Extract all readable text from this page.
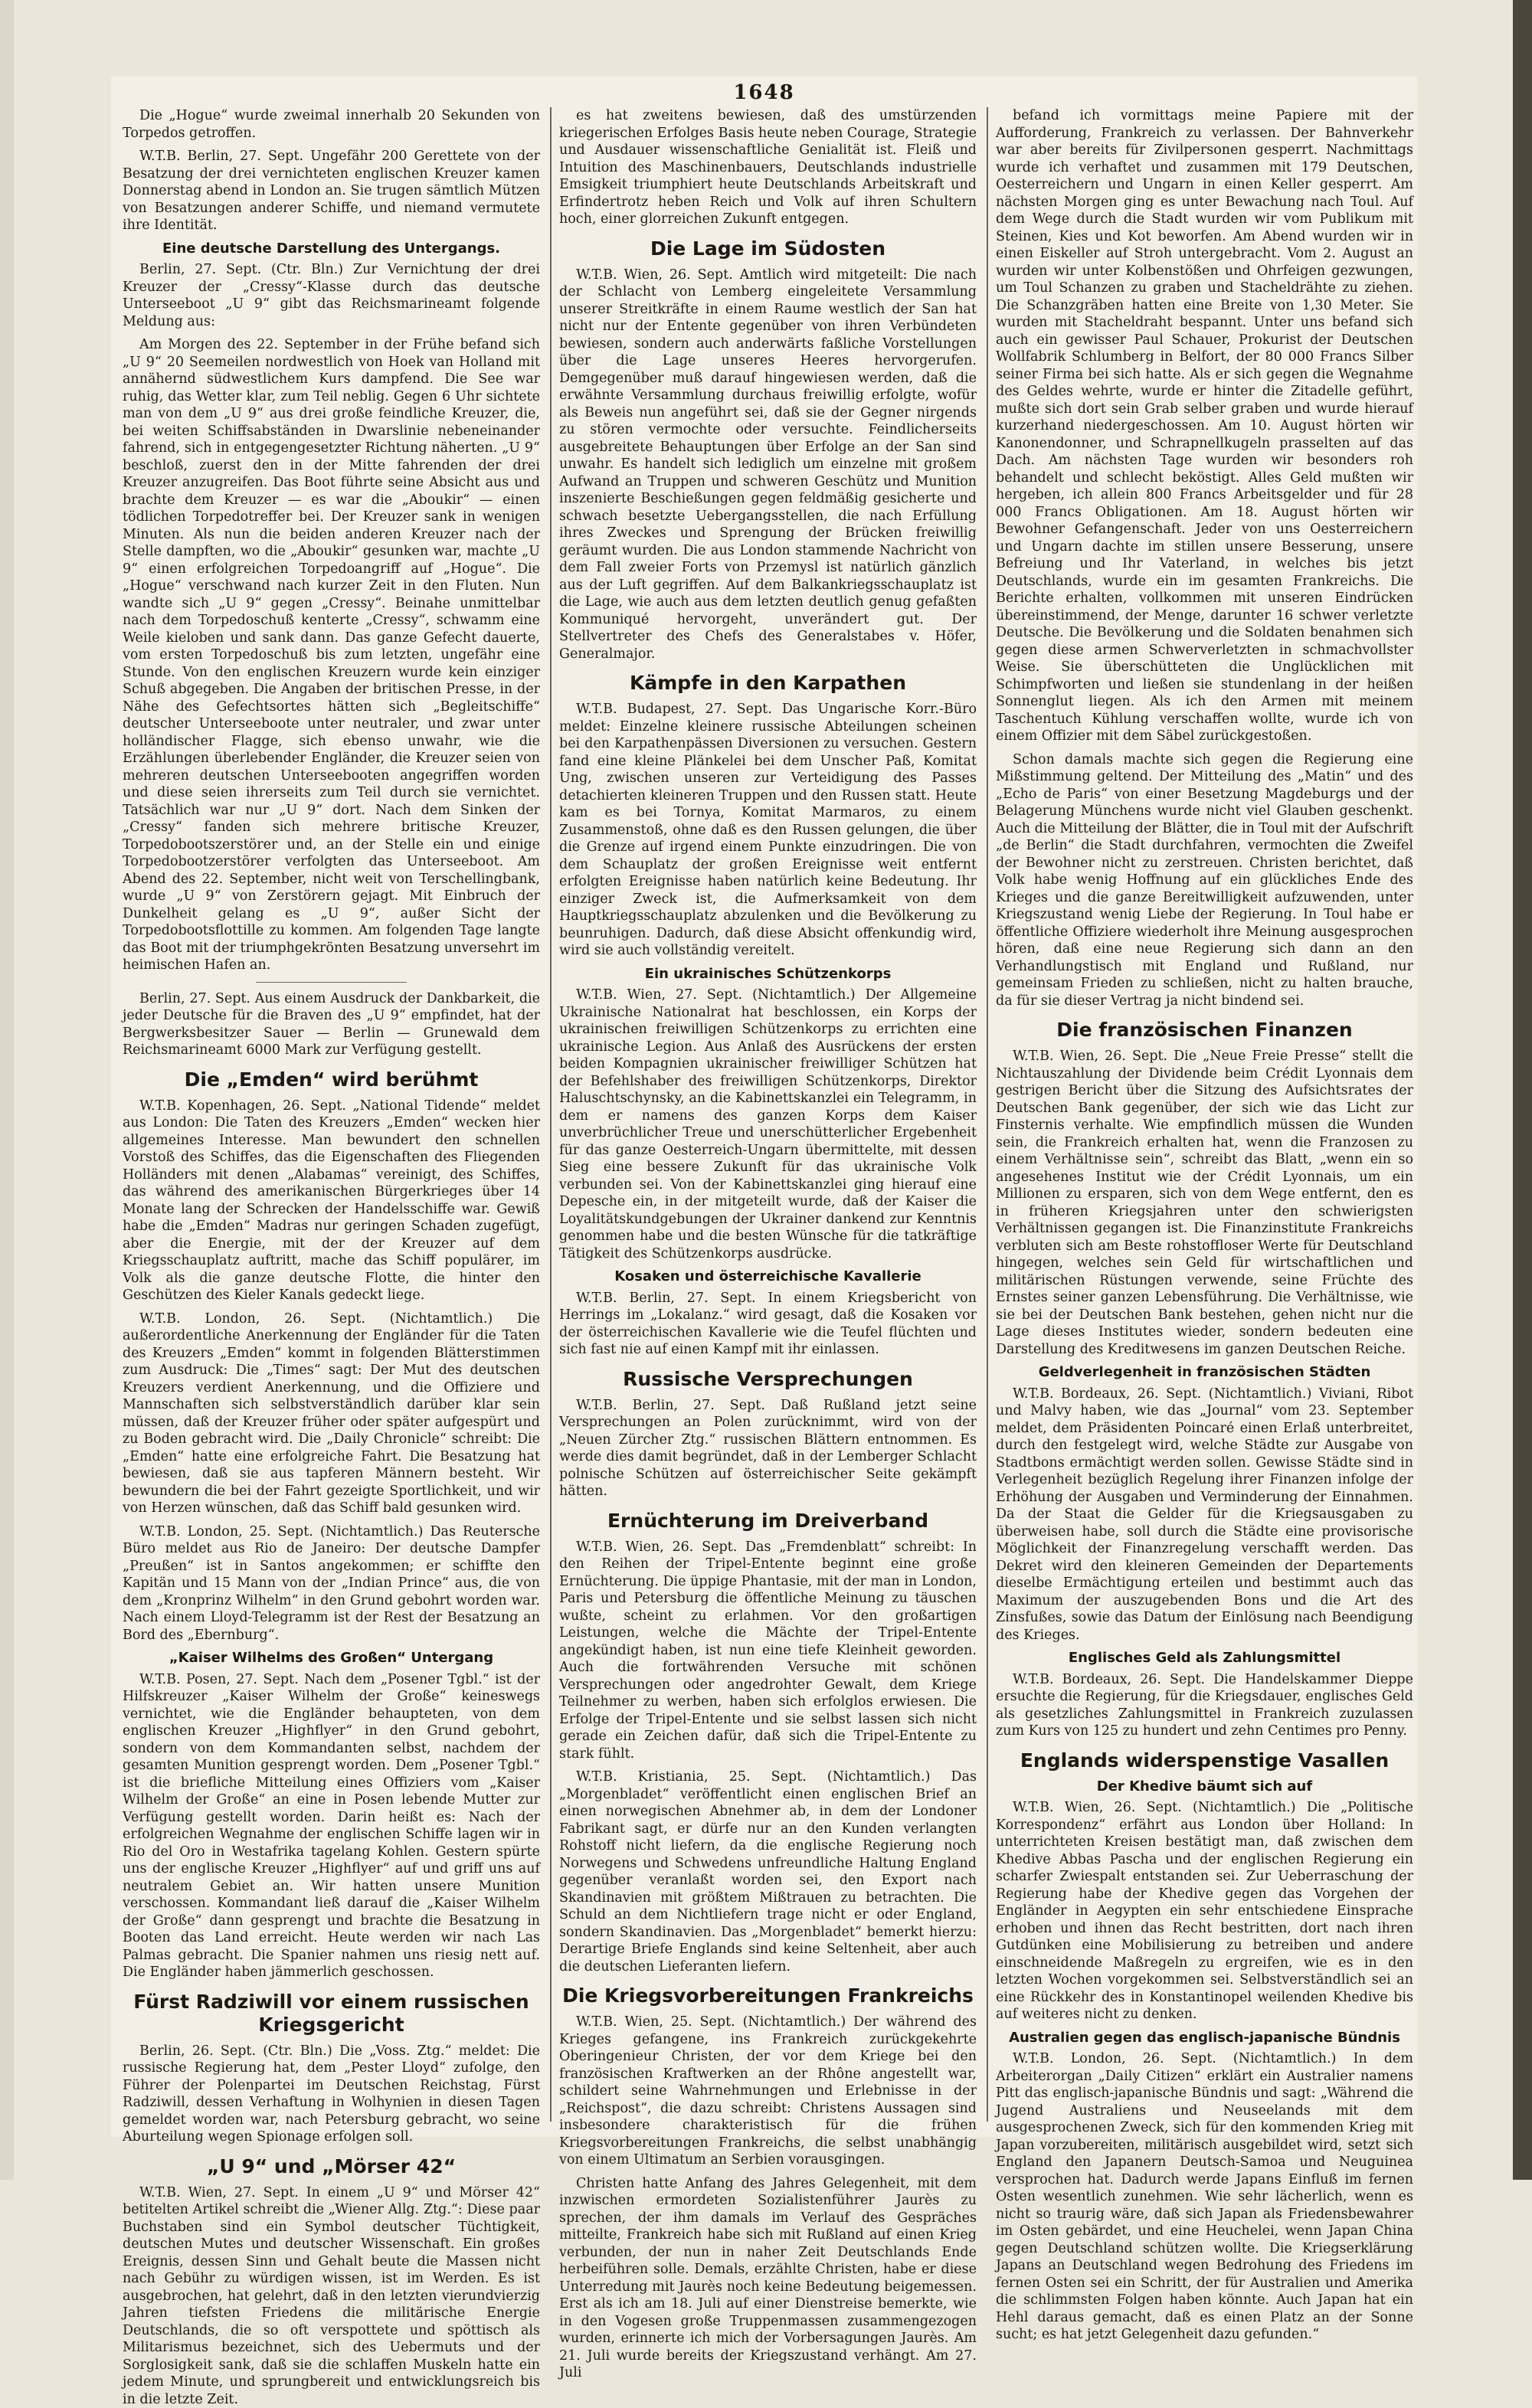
1648

Die „Hogue“ wurde zweimal innerhalb 20 Sekunden von Torpedos getroffen.

W.T.B. Berlin, 27. Sept. Ungefähr 200 Gerettete von der Besatzung der drei vernichteten englischen Kreuzer kamen Donnerstag abend in London an. Sie trugen sämtlich Mützen von Besatzungen anderer Schiffe, und niemand vermutete ihre Identität.

Eine deutsche Darstellung des Untergangs.

Berlin, 27. Sept. (Ctr. Bln.) Zur Vernichtung der drei Kreuzer der „Cressy“-Klasse durch das deutsche Unterseeboot „U 9“ gibt das Reichsmarineamt folgende Meldung aus:

Am Morgen des 22. September in der Frühe befand sich „U 9“ 20 Seemeilen nordwestlich von Hoek van Holland mit annähernd südwestlichem Kurs dampfend. Die See war ruhig, das Wetter klar, zum Teil neblig. Gegen 6 Uhr sichtete man von dem „U 9“ aus drei große feindliche Kreuzer, die, bei weiten Schiffsabständen in Dwarslinie nebeneinander fahrend, sich in entgegengesetzter Richtung näherten. „U 9“ beschloß, zuerst den in der Mitte fahrenden der drei Kreuzer anzugreifen. Das Boot führte seine Absicht aus und brachte dem Kreuzer — es war die „Aboukir“ — einen tödlichen Torpedotreffer bei. Der Kreuzer sank in wenigen Minuten. Als nun die beiden anderen Kreuzer nach der Stelle dampften, wo die „Aboukir“ gesunken war, machte „U 9“ einen erfolgreichen Torpedoangriff auf „Hogue“. Die „Hogue“ verschwand nach kurzer Zeit in den Fluten. Nun wandte sich „U 9“ gegen „Cressy“. Beinahe unmittelbar nach dem Torpedoschuß kenterte „Cressy“, schwamm eine Weile kieloben und sank dann. Das ganze Gefecht dauerte, vom ersten Torpedoschuß bis zum letzten, ungefähr eine Stunde. Von den englischen Kreuzern wurde kein einziger Schuß abgegeben. Die Angaben der britischen Presse, in der Nähe des Gefechtsortes hätten sich „Begleitschiffe“ deutscher Unterseeboote unter neutraler, und zwar unter holländischer Flagge, sich ebenso unwahr, wie die Erzählungen überlebender Engländer, die Kreuzer seien von mehreren deutschen Unterseebooten angegriffen worden und diese seien ihrerseits zum Teil durch sie vernichtet. Tatsächlich war nur „U 9“ dort. Nach dem Sinken der „Cressy“ fanden sich mehrere britische Kreuzer, Torpedobootszerstörer und, an der Stelle ein und einige Torpedobootzerstörer verfolgten das Unterseeboot. Am Abend des 22. September, nicht weit von Terschellingbank, wurde „U 9“ von Zerstörern gejagt. Mit Einbruch der Dunkelheit gelang es „U 9“, außer Sicht der Torpedobootsflottille zu kommen. Am folgenden Tage langte das Boot mit der triumphgekrönten Besatzung unversehrt im heimischen Hafen an.

Berlin, 27. Sept. Aus einem Ausdruck der Dankbarkeit, die jeder Deutsche für die Braven des „U 9“ empfindet, hat der Bergwerksbesitzer Sauer — Berlin — Grunewald dem Reichsmarineamt 6000 Mark zur Verfügung gestellt.

Die „Emden“ wird berühmt

W.T.B. Kopenhagen, 26. Sept. „National Tidende“ meldet aus London: Die Taten des Kreuzers „Emden“ wecken hier allgemeines Interesse. Man bewundert den schnellen Vorstoß des Schiffes, das die Eigenschaften des Fliegenden Holländers mit denen „Alabamas“ vereinigt, des Schiffes, das während des amerikanischen Bürgerkrieges über 14 Monate lang der Schrecken der Handelsschiffe war. Gewiß habe die „Emden“ Madras nur geringen Schaden zugefügt, aber die Energie, mit der der Kreuzer auf dem Kriegsschauplatz auftritt, mache das Schiff populärer, im Volk als die ganze deutsche Flotte, die hinter den Geschützen des Kieler Kanals gedeckt liege.

W.T.B. London, 26. Sept. (Nichtamtlich.) Die außerordentliche Anerkennung der Engländer für die Taten des Kreuzers „Emden“ kommt in folgenden Blätterstimmen zum Ausdruck: Die „Times“ sagt: Der Mut des deutschen Kreuzers verdient Anerkennung, und die Offiziere und Mannschaften sich selbstverständlich darüber klar sein müssen, daß der Kreuzer früher oder später aufgespürt und zu Boden gebracht wird. Die „Daily Chronicle“ schreibt: Die „Emden“ hatte eine erfolgreiche Fahrt. Die Besatzung hat bewiesen, daß sie aus tapferen Männern besteht. Wir bewundern die bei der Fahrt gezeigte Sportlichkeit, und wir von Herzen wünschen, daß das Schiff bald gesunken wird.

W.T.B. London, 25. Sept. (Nichtamtlich.) Das Reutersche Büro meldet aus Rio de Janeiro: Der deutsche Dampfer „Preußen“ ist in Santos angekommen; er schiffte den Kapitän und 15 Mann von der „Indian Prince“ aus, die von dem „Kronprinz Wilhelm“ in den Grund gebohrt worden war. Nach einem Lloyd-Telegramm ist der Rest der Besatzung an Bord des „Ebernburg“.

„Kaiser Wilhelms des Großen“ Untergang

W.T.B. Posen, 27. Sept. Nach dem „Posener Tgbl.“ ist der Hilfskreuzer „Kaiser Wilhelm der Große“ keineswegs vernichtet, wie die Engländer behaupteten, von dem englischen Kreuzer „Highflyer“ in den Grund gebohrt, sondern von dem Kommandanten selbst, nachdem der gesamten Munition gesprengt worden. Dem „Posener Tgbl.“ ist die briefliche Mitteilung eines Offiziers vom „Kaiser Wilhelm der Große“ an eine in Posen lebende Mutter zur Verfügung gestellt worden. Darin heißt es: Nach der erfolgreichen Wegnahme der englischen Schiffe lagen wir in Rio del Oro in Westafrika tagelang Kohlen. Gestern spürte uns der englische Kreuzer „Highflyer“ auf und griff uns auf neutralem Gebiet an. Wir hatten unsere Munition verschossen. Kommandant ließ darauf die „Kaiser Wilhelm der Große“ dann gesprengt und brachte die Besatzung in Booten das Land erreicht. Heute werden wir nach Las Palmas gebracht. Die Spanier nahmen uns riesig nett auf. Die Engländer haben jämmerlich geschossen.

Fürst Radziwill vor einem russischen Kriegsgericht

Berlin, 26. Sept. (Ctr. Bln.) Die „Voss. Ztg.“ meldet: Die russische Regierung hat, dem „Pester Lloyd“ zufolge, den Führer der Polenpartei im Deutschen Reichstag, Fürst Radziwill, dessen Verhaftung in Wolhynien in diesen Tagen gemeldet worden war, nach Petersburg gebracht, wo seine Aburteilung wegen Spionage erfolgen soll.

„U 9“ und „Mörser 42“

W.T.B. Wien, 27. Sept. In einem „U 9“ und Mörser 42“ betitelten Artikel schreibt die „Wiener Allg. Ztg.“: Diese paar Buchstaben sind ein Symbol deutscher Tüchtigkeit, deutschen Mutes und deutscher Wissenschaft. Ein großes Ereignis, dessen Sinn und Gehalt beute die Massen nicht nach Gebühr zu würdigen wissen, ist im Werden. Es ist ausgebrochen, hat gelehrt, daß in den letzten vierundvierzig Jahren tiefsten Friedens die militärische Energie Deutschlands, die so oft verspottete und spöttisch als Militarismus bezeichnet, sich des Uebermuts und der Sorglosigkeit sank, daß sie die schlaffen Muskeln hatte ein jedem Minute, und sprungbereit und entwicklungsreich bis in die letzte Zeit.

es hat zweitens bewiesen, daß des umstürzenden kriegerischen Erfolges Basis heute neben Courage, Strategie und Ausdauer wissenschaftliche Genialität ist. Fleiß und Intuition des Maschinenbauers, Deutschlands industrielle Emsigkeit triumphiert heute Deutschlands Arbeitskraft und Erfindertrotz heben Reich und Volk auf ihren Schultern hoch, einer glorreichen Zukunft entgegen.

Die Lage im Südosten

W.T.B. Wien, 26. Sept. Amtlich wird mitgeteilt: Die nach der Schlacht von Lemberg eingeleitete Versammlung unserer Streitkräfte in einem Raume westlich der San hat nicht nur der Entente gegenüber von ihren Verbündeten bewiesen, sondern auch anderwärts faßliche Vorstellungen über die Lage unseres Heeres hervorgerufen. Demgegenüber muß darauf hingewiesen werden, daß die erwähnte Versammlung durchaus freiwillig erfolgte, wofür als Beweis nun angeführt sei, daß sie der Gegner nirgends zu stören vermochte oder versuchte. Feindlicherseits ausgebreitete Behauptungen über Erfolge an der San sind unwahr. Es handelt sich lediglich um einzelne mit großem Aufwand an Truppen und schweren Geschütz und Munition inszenierte Beschießungen gegen feldmäßig gesicherte und schwach besetzte Uebergangsstellen, die nach Erfüllung ihres Zweckes und Sprengung der Brücken freiwillig geräumt wurden. Die aus London stammende Nachricht von dem Fall zweier Forts von Przemysl ist natürlich gänzlich aus der Luft gegriffen. Auf dem Balkankriegsschauplatz ist die Lage, wie auch aus dem letzten deutlich genug gefaßten Kommuniqué hervorgeht, unverändert gut. Der Stellvertreter des Chefs des Generalstabes v. Höfer, Generalmajor.

Kämpfe in den Karpathen

W.T.B. Budapest, 27. Sept. Das Ungarische Korr.-Büro meldet: Einzelne kleinere russische Abteilungen scheinen bei den Karpathenpässen Diversionen zu versuchen. Gestern fand eine kleine Plänkelei bei dem Unscher Paß, Komitat Ung, zwischen unseren zur Verteidigung des Passes detachierten kleineren Truppen und den Russen statt. Heute kam es bei Tornya, Komitat Marmaros, zu einem Zusammenstoß, ohne daß es den Russen gelungen, die über die Grenze auf irgend einem Punkte einzudringen. Die von dem Schauplatz der großen Ereignisse weit entfernt erfolgten Ereignisse haben natürlich keine Bedeutung. Ihr einziger Zweck ist, die Aufmerksamkeit von dem Hauptkriegsschauplatz abzulenken und die Bevölkerung zu beunruhigen. Dadurch, daß diese Absicht offenkundig wird, wird sie auch vollständig vereitelt.

Ein ukrainisches Schützenkorps

W.T.B. Wien, 27. Sept. (Nichtamtlich.) Der Allgemeine Ukrainische Nationalrat hat beschlossen, ein Korps der ukrainischen freiwilligen Schützenkorps zu errichten eine ukrainische Legion. Aus Anlaß des Ausrückens der ersten beiden Kompagnien ukrainischer freiwilliger Schützen hat der Befehlshaber des freiwilligen Schützenkorps, Direktor Haluschtschynsky, an die Kabinettskanzlei ein Telegramm, in dem er namens des ganzen Korps dem Kaiser unverbrüchlicher Treue und unerschütterlicher Ergebenheit für das ganze Oesterreich-Ungarn übermittelte, mit dessen Sieg eine bessere Zukunft für das ukrainische Volk verbunden sei. Von der Kabinettskanzlei ging hierauf eine Depesche ein, in der mitgeteilt wurde, daß der Kaiser die Loyalitätskundgebungen der Ukrainer dankend zur Kenntnis genommen habe und die besten Wünsche für die tatkräftige Tätigkeit des Schützenkorps ausdrücke.

Kosaken und österreichische Kavallerie

W.T.B. Berlin, 27. Sept. In einem Kriegsbericht von Herrings im „Lokalanz.“ wird gesagt, daß die Kosaken vor der österreichischen Kavallerie wie die Teufel flüchten und sich fast nie auf einen Kampf mit ihr einlassen.

Russische Versprechungen

W.T.B. Berlin, 27. Sept. Daß Rußland jetzt seine Versprechungen an Polen zurücknimmt, wird von der „Neuen Zürcher Ztg.“ russischen Blättern entnommen. Es werde dies damit begründet, daß in der Lemberger Schlacht polnische Schützen auf österreichischer Seite gekämpft hätten.

Ernüchterung im Dreiverband

W.T.B. Wien, 26. Sept. Das „Fremdenblatt“ schreibt: In den Reihen der Tripel-Entente beginnt eine große Ernüchterung. Die üppige Phantasie, mit der man in London, Paris und Petersburg die öffentliche Meinung zu täuschen wußte, scheint zu erlahmen. Vor den großartigen Leistungen, welche die Mächte der Tripel-Entente angekündigt haben, ist nun eine tiefe Kleinheit geworden. Auch die fortwährenden Versuche mit schönen Versprechungen oder angedrohter Gewalt, dem Kriege Teilnehmer zu werben, haben sich erfolglos erwiesen. Die Erfolge der Tripel-Entente und sie selbst lassen sich nicht gerade ein Zeichen dafür, daß sich die Tripel-Entente zu stark fühlt.

W.T.B. Kristiania, 25. Sept. (Nichtamtlich.) Das „Morgenbladet“ veröffentlicht einen englischen Brief an einen norwegischen Abnehmer ab, in dem der Londoner Fabrikant sagt, er dürfe nur an den Kunden verlangten Rohstoff nicht liefern, da die englische Regierung noch Norwegens und Schwedens unfreundliche Haltung England gegenüber veranlaßt worden sei, den Export nach Skandinavien mit größtem Mißtrauen zu betrachten. Die Schuld an dem Nichtliefern trage nicht er oder England, sondern Skandinavien. Das „Morgenbladet“ bemerkt hierzu: Derartige Briefe Englands sind keine Seltenheit, aber auch die deutschen Lieferanten liefern.

Die Kriegsvorbereitungen Frankreichs

W.T.B. Wien, 25. Sept. (Nichtamtlich.) Der während des Krieges gefangene, ins Frankreich zurückgekehrte Oberingenieur Christen, der vor dem Kriege bei den französischen Kraftwerken an der Rhône angestellt war, schildert seine Wahrnehmungen und Erlebnisse in der „Reichspost“, die dazu schreibt: Christens Aussagen sind insbesondere charakteristisch für die frühen Kriegsvorbereitungen Frankreichs, die selbst unabhängig von einem Ultimatum an Serbien vorausgingen.

Christen hatte Anfang des Jahres Gelegenheit, mit dem inzwischen ermordeten Sozialistenführer Jaurès zu sprechen, der ihm damals im Verlauf des Gespräches mitteilte, Frankreich habe sich mit Rußland auf einen Krieg verbunden, der nun in naher Zeit Deutschlands Ende herbeiführen solle. Demals, erzählte Christen, habe er diese Unterredung mit Jaurès noch keine Bedeutung beigemessen. Erst als ich am 18. Juli auf einer Dienstreise bemerkte, wie in den Vogesen große Truppenmassen zusammengezogen wurden, erinnerte ich mich der Vorbersagungen Jaurès. Am 21. Juli wurde bereits der Kriegszustand verhängt. Am 27. Juli

befand ich vormittags meine Papiere mit der Aufforderung, Frankreich zu verlassen. Der Bahnverkehr war aber bereits für Zivilpersonen gesperrt. Nachmittags wurde ich verhaftet und zusammen mit 179 Deutschen, Oesterreichern und Ungarn in einen Keller gesperrt. Am nächsten Morgen ging es unter Bewachung nach Toul. Auf dem Wege durch die Stadt wurden wir vom Publikum mit Steinen, Kies und Kot beworfen. Am Abend wurden wir in einen Eiskeller auf Stroh untergebracht. Vom 2. August an wurden wir unter Kolbenstößen und Ohrfeigen gezwungen, um Toul Schanzen zu graben und Stacheldrähte zu ziehen. Die Schanzgräben hatten eine Breite von 1,30 Meter. Sie wurden mit Stacheldraht bespannt. Unter uns befand sich auch ein gewisser Paul Schauer, Prokurist der Deutschen Wollfabrik Schlumberg in Belfort, der 80 000 Francs Silber seiner Firma bei sich hatte. Als er sich gegen die Wegnahme des Geldes wehrte, wurde er hinter die Zitadelle geführt, mußte sich dort sein Grab selber graben und wurde hierauf kurzerhand niedergeschossen. Am 10. August hörten wir Kanonendonner, und Schrapnellkugeln prasselten auf das Dach. Am nächsten Tage wurden wir besonders roh behandelt und schlecht beköstigt. Alles Geld mußten wir hergeben, ich allein 800 Francs Arbeitsgelder und für 28 000 Francs Obligationen. Am 18. August hörten wir Bewohner Gefangenschaft. Jeder von uns Oesterreichern und Ungarn dachte im stillen unsere Besserung, unsere Befreiung und Ihr Vaterland, in welches bis jetzt Deutschlands, wurde ein im gesamten Frankreichs. Die Berichte erhalten, vollkommen mit unseren Eindrücken übereinstimmend, der Menge, darunter 16 schwer verletzte Deutsche. Die Bevölkerung und die Soldaten benahmen sich gegen diese armen Schwerverletzten in schmachvollster Weise. Sie überschütteten die Unglücklichen mit Schimpfworten und ließen sie stundenlang in der heißen Sonnenglut liegen. Als ich den Armen mit meinem Taschentuch Kühlung verschaffen wollte, wurde ich von einem Offizier mit dem Säbel zurückgestoßen.

Schon damals machte sich gegen die Regierung eine Mißstimmung geltend. Der Mitteilung des „Matin“ und des „Echo de Paris“ von einer Besetzung Magdeburgs und der Belagerung Münchens wurde nicht viel Glauben geschenkt. Auch die Mitteilung der Blätter, die in Toul mit der Aufschrift „de Berlin“ die Stadt durchfahren, vermochten die Zweifel der Bewohner nicht zu zerstreuen. Christen berichtet, daß Volk habe wenig Hoffnung auf ein glückliches Ende des Krieges und die ganze Bereitwilligkeit aufzuwenden, unter Kriegszustand wenig Liebe der Regierung. In Toul habe er öffentliche Offiziere wiederholt ihre Meinung ausgesprochen hören, daß eine neue Regierung sich dann an den Verhandlungstisch mit England und Rußland, nur gemeinsam Frieden zu schließen, nicht zu halten brauche, da für sie dieser Vertrag ja nicht bindend sei.

Die französischen Finanzen

W.T.B. Wien, 26. Sept. Die „Neue Freie Presse“ stellt die Nichtauszahlung der Dividende beim Crédit Lyonnais dem gestrigen Bericht über die Sitzung des Aufsichtsrates der Deutschen Bank gegenüber, der sich wie das Licht zur Finsternis verhalte. Wie empfindlich müssen die Wunden sein, die Frankreich erhalten hat, wenn die Franzosen zu einem Verhältnisse sein“, schreibt das Blatt, „wenn ein so angesehenes Institut wie der Crédit Lyonnais, um ein Millionen zu ersparen, sich von dem Wege entfernt, den es in früheren Kriegsjahren unter den schwierigsten Verhältnissen gegangen ist. Die Finanzinstitute Frankreichs verbluten sich am Beste rohstoffloser Werte für Deutschland hingegen, welches sein Geld für wirtschaftlichen und militärischen Rüstungen verwende, seine Früchte des Ernstes seiner ganzen Lebensführung. Die Verhältnisse, wie sie bei der Deutschen Bank bestehen, gehen nicht nur die Lage dieses Institutes wieder, sondern bedeuten eine Darstellung des Kreditwesens im ganzen Deutschen Reiche.

Geldverlegenheit in französischen Städten

W.T.B. Bordeaux, 26. Sept. (Nichtamtlich.) Viviani, Ribot und Malvy haben, wie das „Journal“ vom 23. September meldet, dem Präsidenten Poincaré einen Erlaß unterbreitet, durch den festgelegt wird, welche Städte zur Ausgabe von Stadtbons ermächtigt werden sollen. Gewisse Städte sind in Verlegenheit bezüglich Regelung ihrer Finanzen infolge der Erhöhung der Ausgaben und Verminderung der Einnahmen. Da der Staat die Gelder für die Kriegsausgaben zu überweisen habe, soll durch die Städte eine provisorische Möglichkeit der Finanzregelung verschafft werden. Das Dekret wird den kleineren Gemeinden der Departements dieselbe Ermächtigung erteilen und bestimmt auch das Maximum der auszugebenden Bons und die Art des Zinsfußes, sowie das Datum der Einlösung nach Beendigung des Krieges.

Englisches Geld als Zahlungsmittel

W.T.B. Bordeaux, 26. Sept. Die Handelskammer Dieppe ersuchte die Regierung, für die Kriegsdauer, englisches Geld als gesetzliches Zahlungsmittel in Frankreich zuzulassen zum Kurs von 125 zu hundert und zehn Centimes pro Penny.

Englands widerspenstige Vasallen
Der Khedive bäumt sich auf

W.T.B. Wien, 26. Sept. (Nichtamtlich.) Die „Politische Korrespondenz“ erfährt aus London über Holland: In unterrichteten Kreisen bestätigt man, daß zwischen dem Khedive Abbas Pascha und der englischen Regierung ein scharfer Zwiespalt entstanden sei. Zur Ueberraschung der Regierung habe der Khedive gegen das Vorgehen der Engländer in Aegypten ein sehr entschiedene Einsprache erhoben und ihnen das Recht bestritten, dort nach ihren Gutdünken eine Mobilisierung zu betreiben und andere einschneidende Maßregeln zu ergreifen, wie es in den letzten Wochen vorgekommen sei. Selbstverständlich sei an eine Rückkehr des in Konstantinopel weilenden Khedive bis auf weiteres nicht zu denken.

Australien gegen das englisch-japanische Bündnis

W.T.B. London, 26. Sept. (Nichtamtlich.) In dem Arbeiterorgan „Daily Citizen“ erklärt ein Australier namens Pitt das englisch-japanische Bündnis und sagt: „Während die Jugend Australiens und Neuseelands mit dem ausgesprochenen Zweck, sich für den kommenden Krieg mit Japan vorzubereiten, militärisch ausgebildet wird, setzt sich England den Japanern Deutsch-Samoa und Neuguinea versprochen hat. Dadurch werde Japans Einfluß im fernen Osten wesentlich zunehmen. Wie sehr lächerlich, wenn es nicht so traurig wäre, daß sich Japan als Friedensbewahrer im Osten gebärdet, und eine Heuchelei, wenn Japan China gegen Deutschland schützen wollte. Die Kriegserklärung Japans an Deutschland wegen Bedrohung des Friedens im fernen Osten sei ein Schritt, der für Australien und Amerika die schlimmsten Folgen haben könnte. Auch Japan hat ein Hehl daraus gemacht, daß es einen Platz an der Sonne sucht; es hat jetzt Gelegenheit dazu gefunden.“
